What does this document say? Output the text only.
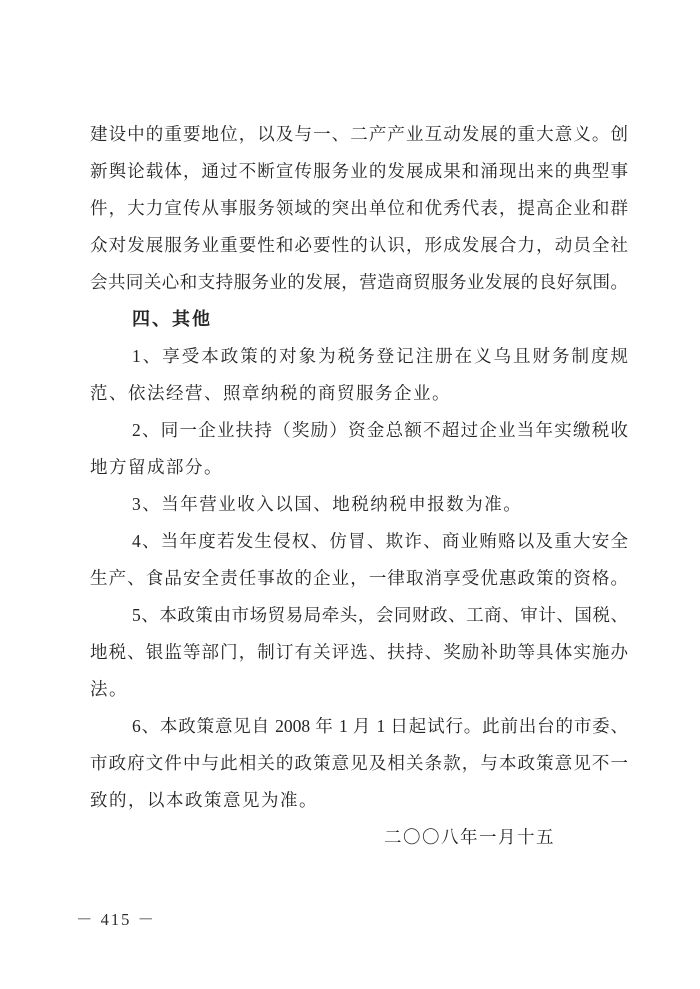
建设中的重要地位，以及与一、二产产业互动发展的重大意义。创
新舆论载体，通过不断宣传服务业的发展成果和涌现出来的典型事
件，大力宣传从事服务领域的突出单位和优秀代表，提高企业和群
众对发展服务业重要性和必要性的认识，形成发展合力，动员全社
会共同关心和支持服务业的发展，营造商贸服务业发展的良好氛围。
四、其他
1、享受本政策的对象为税务登记注册在义乌且财务制度规
范、依法经营、照章纳税的商贸服务企业。
2、同一企业扶持（奖励）资金总额不超过企业当年实缴税收
地方留成部分。
3、当年营业收入以国、地税纳税申报数为准。
4、当年度若发生侵权、仿冒、欺诈、商业贿赂以及重大安全
生产、食品安全责任事故的企业，一律取消享受优惠政策的资格。
5、本政策由市场贸易局牵头，会同财政、工商、审计、国税、
地税、银监等部门，制订有关评选、扶持、奖励补助等具体实施办
法。
6、本政策意见自 2008 年 1 月 1 日起试行。此前出台的市委、
市政府文件中与此相关的政策意见及相关条款，与本政策意见不一
致的，以本政策意见为准。
二〇〇八年一月十五
－ 415 －
